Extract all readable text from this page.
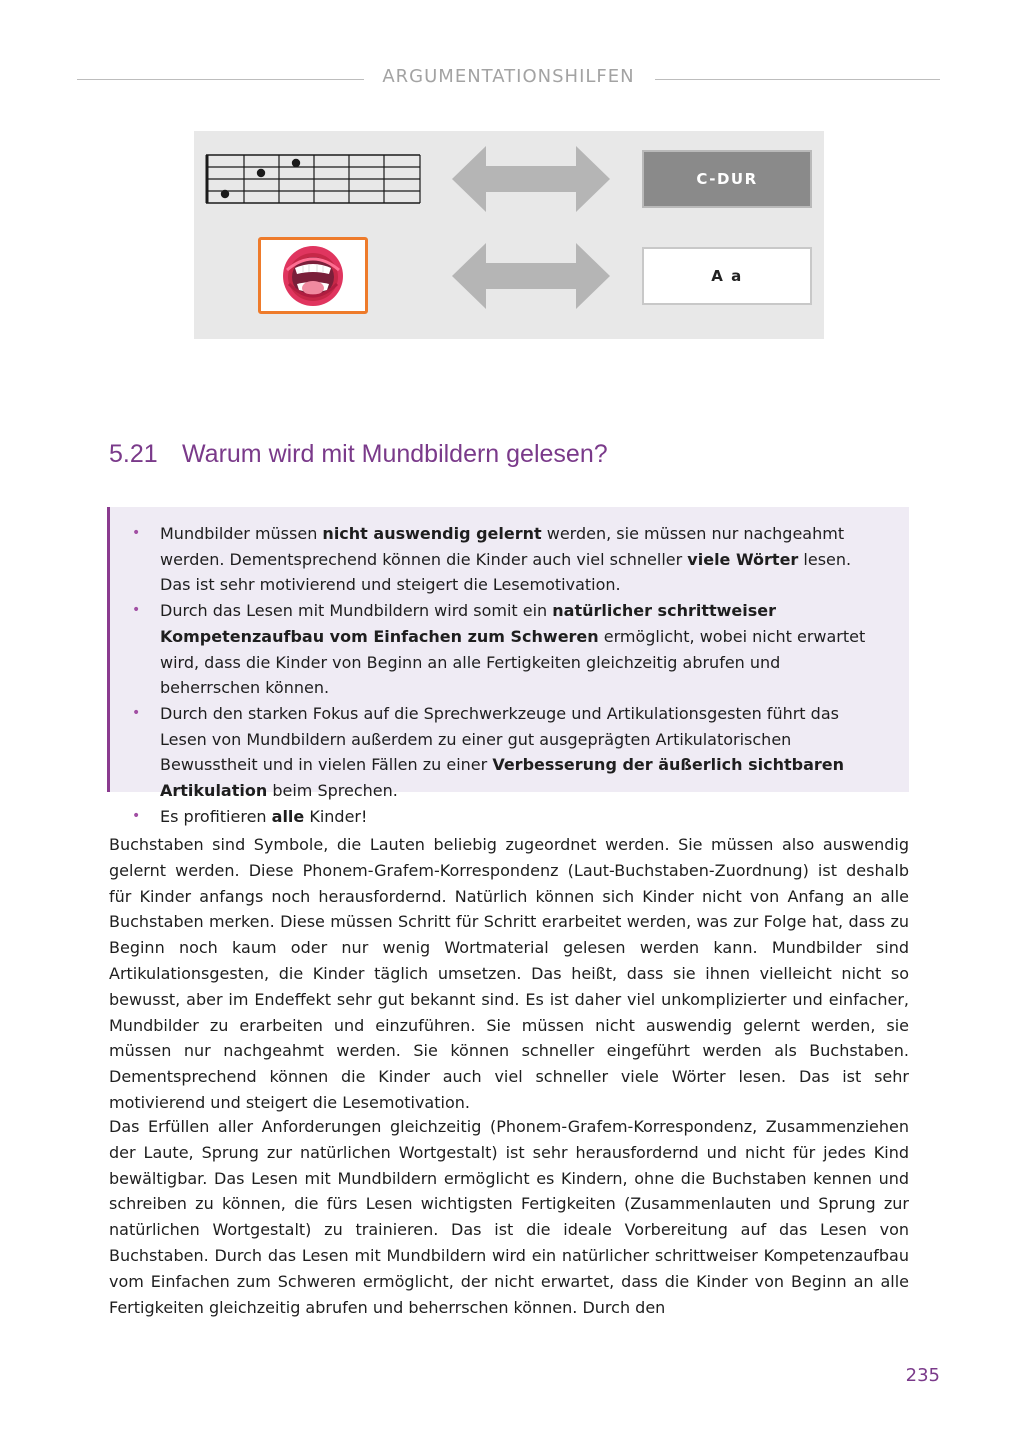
ARGUMENTATIONSHILFEN
C-DUR
A a
5.21 Warum wird mit Mundbildern gelesen?
• Mundbilder müssen nicht auswendig gelernt werden, sie müssen nur nachgeahmt werden. Dementsprechend können die Kinder auch viel schneller viele Wörter lesen. Das ist sehr motivierend und steigert die Lesemotivation.
• Durch das Lesen mit Mundbildern wird somit ein natürlicher schrittweiser Kompetenzaufbau vom Einfachen zum Schweren ermöglicht, wobei nicht erwartet wird, dass die Kinder von Beginn an alle Fertigkeiten gleichzeitig abrufen und beherrschen können.
• Durch den starken Fokus auf die Sprechwerkzeuge und Artikulationsgesten führt das Lesen von Mundbildern außerdem zu einer gut ausgeprägten Artikulatorischen Bewusstheit und in vielen Fällen zu einer Verbesserung der äußerlich sichtbaren Artikulation beim Sprechen.
• Es profitieren alle Kinder!

Buchstaben sind Symbole, die Lauten beliebig zugeordnet werden. Sie müssen also auswendig gelernt werden. Diese Phonem-Grafem-Korrespondenz (Laut-Buchstaben-Zuordnung) ist deshalb für Kinder anfangs noch herausfordernd. Natürlich können sich Kinder nicht von Anfang an alle Buchstaben merken. Diese müssen Schritt für Schritt erarbeitet werden, was zur Folge hat, dass zu Beginn noch kaum oder nur wenig Wortmaterial gelesen werden kann. Mundbilder sind Artikulationsgesten, die Kinder täglich umsetzen. Das heißt, dass sie ihnen vielleicht nicht so bewusst, aber im Endeffekt sehr gut bekannt sind. Es ist daher viel unkomplizierter und einfacher, Mundbilder zu erarbeiten und einzuführen. Sie müssen nicht auswendig gelernt werden, sie müssen nur nachgeahmt werden. Sie können schneller eingeführt werden als Buchstaben. Dementsprechend können die Kinder auch viel schneller viele Wörter lesen. Das ist sehr motivierend und steigert die Lesemotivation.

Das Erfüllen aller Anforderungen gleichzeitig (Phonem-Grafem-Korrespondenz, Zusammenziehen der Laute, Sprung zur natürlichen Wortgestalt) ist sehr herausfordernd und nicht für jedes Kind bewältigbar. Das Lesen mit Mundbildern ermöglicht es Kindern, ohne die Buchstaben kennen und schreiben zu können, die fürs Lesen wichtigsten Fertigkeiten (Zusammenlauten und Sprung zur natürlichen Wortgestalt) zu trainieren. Das ist die ideale Vorbereitung auf das Lesen von Buchstaben. Durch das Lesen mit Mundbildern wird ein natürlicher schrittweiser Kompetenzaufbau vom Einfachen zum Schweren ermöglicht, der nicht erwartet, dass die Kinder von Beginn an alle Fertigkeiten gleichzeitig abrufen und beherrschen können. Durch den

235
